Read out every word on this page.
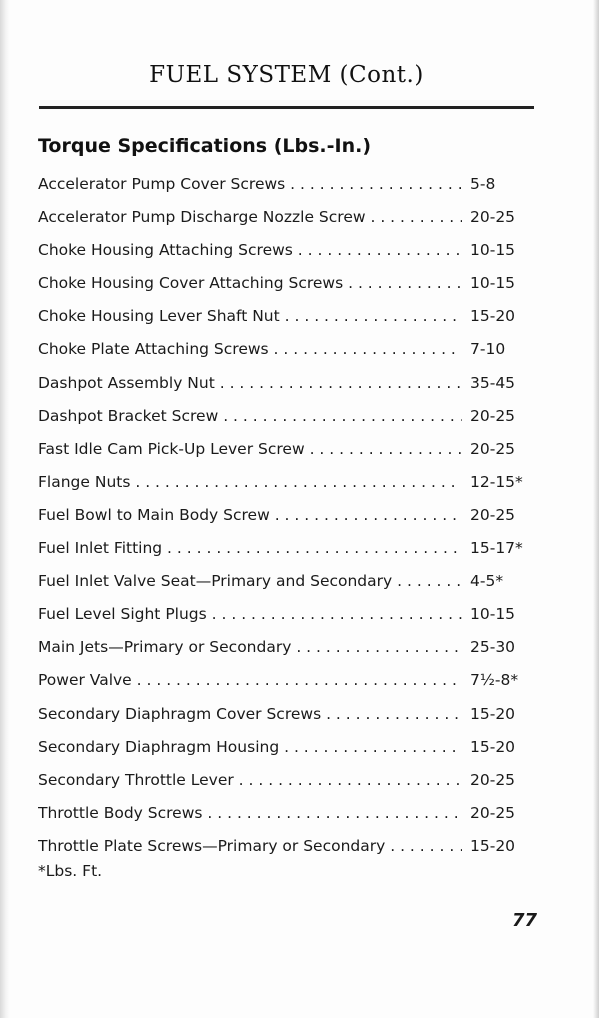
FUEL SYSTEM (Cont.)
Torque Specifications (Lbs.-In.)
Accelerator Pump Cover Screws . . .	5-8
Accelerator Pump Discharge Nozzle Screw . . .	20-25
Choke Housing Attaching Screws . . .	10-15
Choke Housing Cover Attaching Screws . . .	10-15
Choke Housing Lever Shaft Nut . . .	15-20
Choke Plate Attaching Screws . . .	7-10
Dashpot Assembly Nut . . .	35-45
Dashpot Bracket Screw . . .	20-25
Fast Idle Cam Pick-Up Lever Screw . . .	20-25
Flange Nuts . . .	12-15*
Fuel Bowl to Main Body Screw . . .	20-25
Fuel Inlet Fitting . . .	15-17*
Fuel Inlet Valve Seat—Primary and Secondary . . .	4-5*
Fuel Level Sight Plugs . . .	10-15
Main Jets—Primary or Secondary . . .	25-30
Power Valve . . .	7½-8*
Secondary Diaphragm Cover Screws . . .	15-20
Secondary Diaphragm Housing . . .	15-20
Secondary Throttle Lever . . .	20-25
Throttle Body Screws . . .	20-25
Throttle Plate Screws—Primary or Secondary . . .	15-20
*Lbs. Ft.
77
